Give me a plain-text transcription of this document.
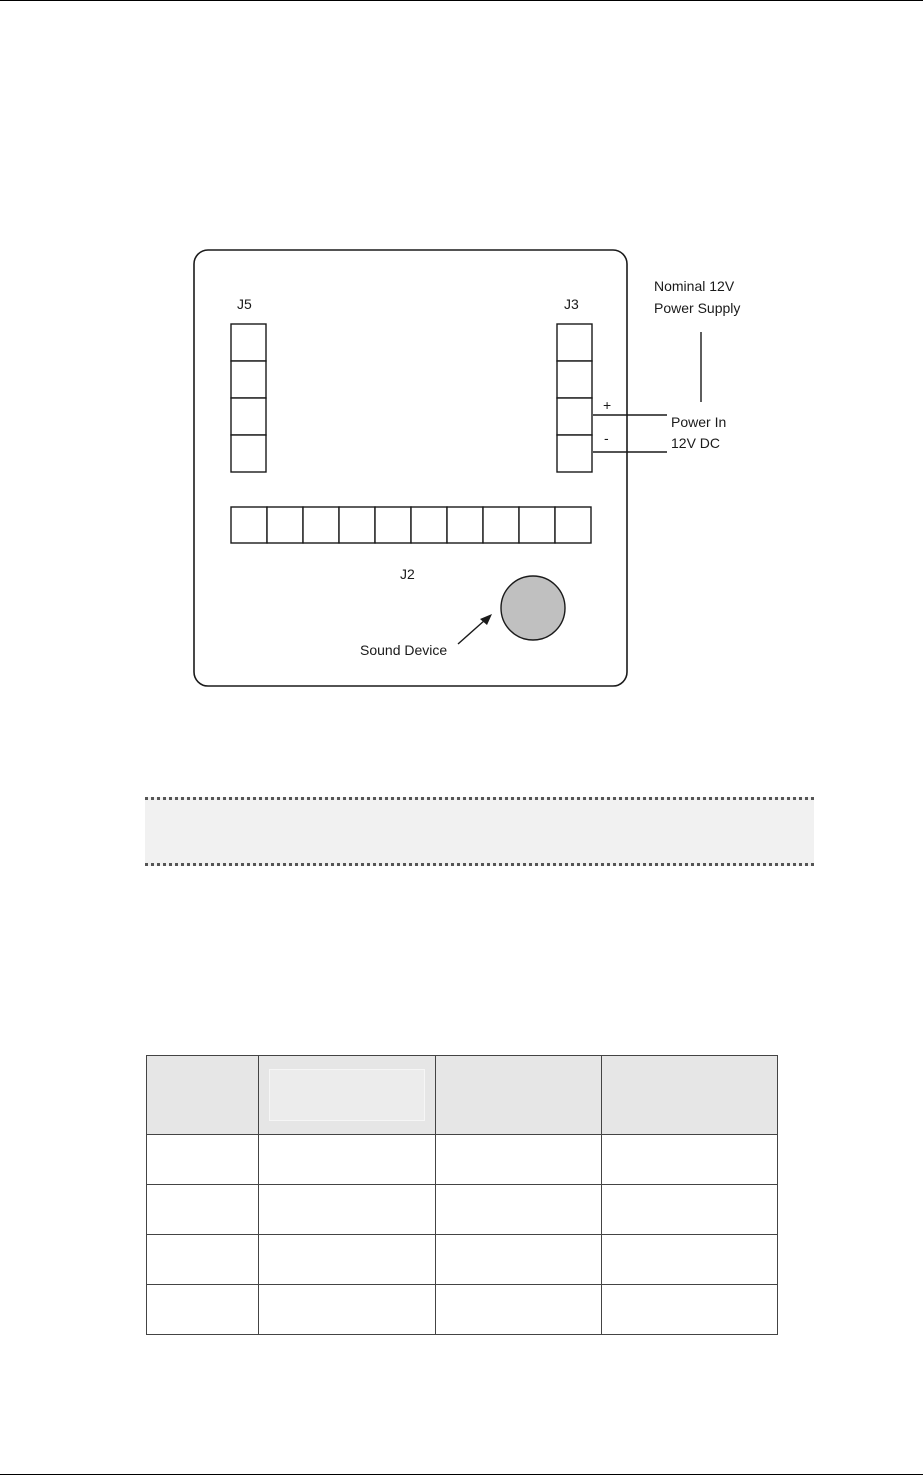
J5	J3
J2
+
-
Nominal 12V
Power Supply
Power In
12V DC
Sound Device
